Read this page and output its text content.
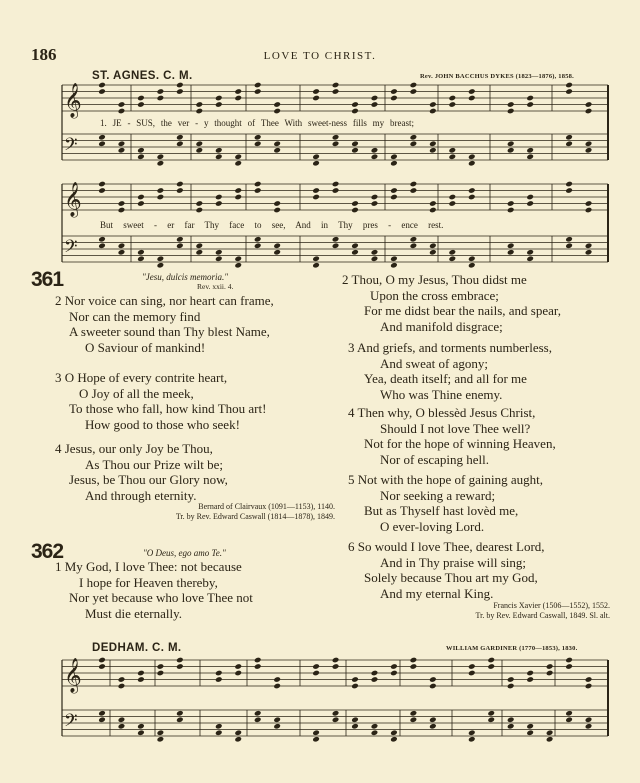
𝄞
𝄢
𝄞
𝄢
𝄞
𝄢
186	LOVE TO CHRIST.
ST. AGNES. C. M.	Rev. JOHN BACCHUS DYKES (1823—1876), 1858.
1. JE - SUS, the ver - y thought of Thee With sweet-ness fills my breast;
But sweet - er far Thy face to see, And in Thy pres - ence rest.
361	"Jesu, dulcis memoria."
Rev. xxii. 4.
2 Nor voice can sing, nor heart can frame,
Nor can the memory find
A sweeter sound than Thy blest Name,
O Saviour of mankind!
3 O Hope of every contrite heart,
O Joy of all the meek,
To those who fall, how kind Thou art!
How good to those who seek!
4 Jesus, our only Joy be Thou,
As Thou our Prize wilt be;
Jesus, be Thou our Glory now,
And through eternity.
Bernard of Clairvaux (1091—1153), 1140.
Tr. by Rev. Edward Caswall (1814—1878), 1849.
362	"O Deus, ego amo Te."
1 My God, I love Thee: not because
I hope for Heaven thereby,
Nor yet because who love Thee not
Must die eternally.
2 Thou, O my Jesus, Thou didst me
Upon the cross embrace;
For me didst bear the nails, and spear,
And manifold disgrace;
3 And griefs, and torments numberless,
And sweat of agony;
Yea, death itself; and all for me
Who was Thine enemy.
4 Then why, O blessèd Jesus Christ,
Should I not love Thee well?
Not for the hope of winning Heaven,
Nor of escaping hell.
5 Not with the hope of gaining aught,
Nor seeking a reward;
But as Thyself hast lovèd me,
O ever-loving Lord.
6 So would I love Thee, dearest Lord,
And in Thy praise will sing;
Solely because Thou art my God,
And my eternal King.
Francis Xavier (1506—1552), 1552.
Tr. by Rev. Edward Caswall, 1849. Sl. alt.
DEDHAM. C. M.	WILLIAM GARDINER (1770—1853), 1830.
